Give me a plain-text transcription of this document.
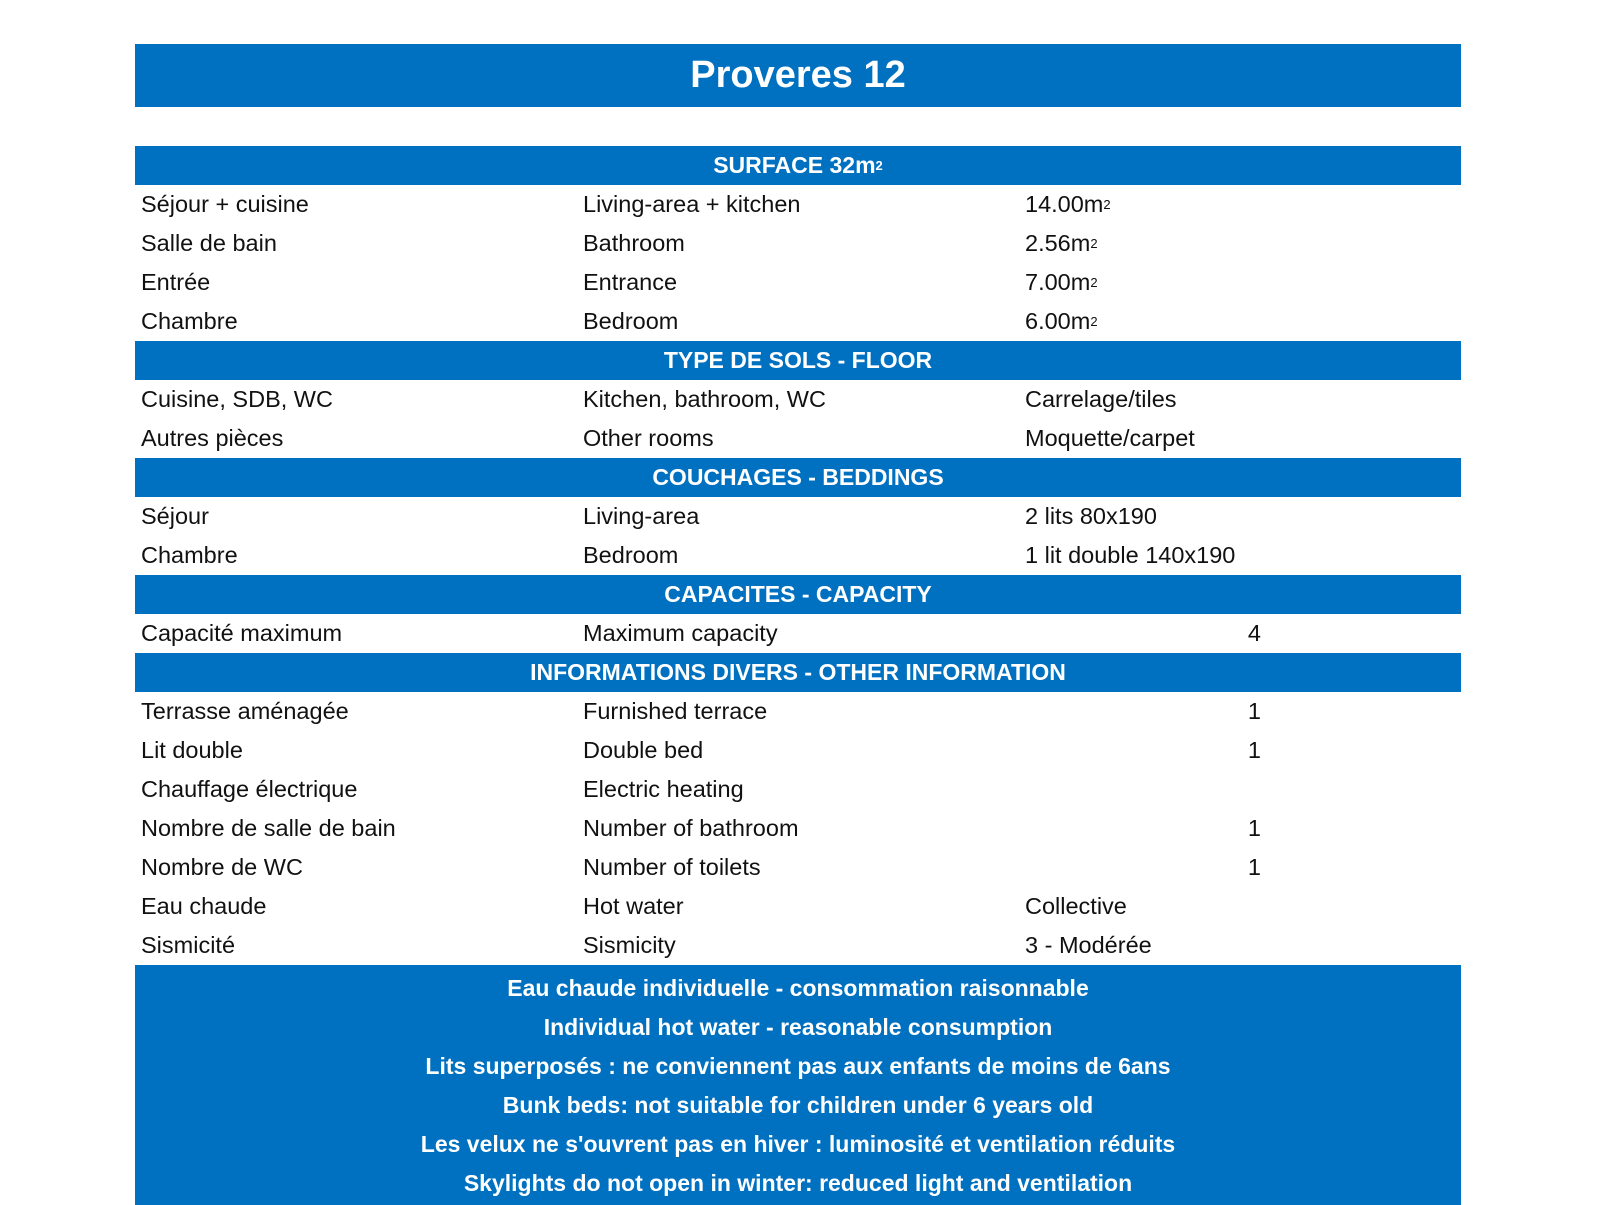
Proveres 12
SURFACE 32m 2
Séjour + cuisine	Living-area + kitchen	14.00m 2
Salle de bain	Bathroom	2.56m 2
Entrée	Entrance	7.00m 2
Chambre	Bedroom	6.00m 2
TYPE DE SOLS - FLOOR
Cuisine, SDB, WC	Kitchen, bathroom, WC	Carrelage/tiles
Autres pièces	Other rooms	Moquette/carpet
COUCHAGES - BEDDINGS
Séjour	Living-area	2 lits 80x190
Chambre	Bedroom	1 lit double 140x190
CAPACITES - CAPACITY
Capacité maximum	Maximum capacity	4
INFORMATIONS DIVERS - OTHER INFORMATION
Terrasse aménagée	Furnished terrace	1
Lit double	Double bed	1
Chauffage électrique	Electric heating
Nombre de salle de bain	Number of bathroom	1
Nombre de WC	Number of toilets	1
Eau chaude	Hot water	Collective
Sismicité	Sismicity	3 - Modérée
Eau chaude individuelle - consommation raisonnable
Individual hot water - reasonable consumption
Lits superposés : ne conviennent pas aux enfants de moins de 6ans
Bunk beds: not suitable for children under 6 years old
Les velux ne s'ouvrent pas en hiver : luminosité et ventilation réduits
Skylights do not open in winter: reduced light and ventilation
